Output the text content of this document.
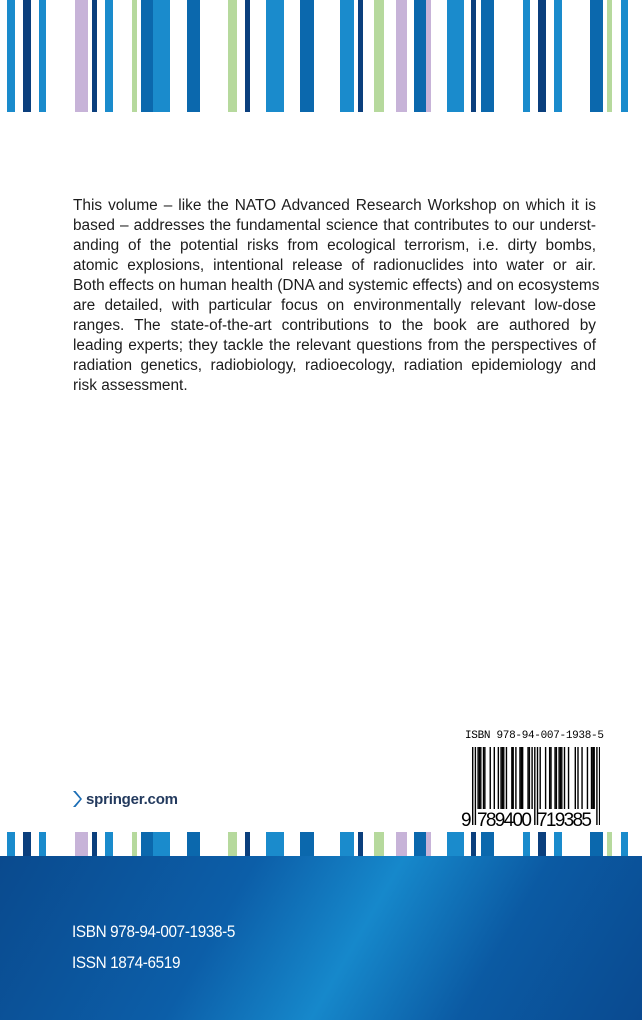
This volume – like the NATO Advanced Research Workshop on which it is
based – addresses the fundamental science that contributes to our underst-
anding of the potential risks from ecological terrorism, i.e. dirty bombs,
atomic explosions, intentional release of radionuclides into water or air.
Both effects on human health (DNA and systemic effects) and on ecosystems
are detailed, with particular focus on environmentally relevant low-dose
ranges. The state-of-the-art contributions to the book are authored by
leading experts; they tackle the relevant questions from the perspectives of
radiation genetics, radiobiology, radioecology, radiation epidemiology and
risk assessment.
springer.com
ISBN 978-94-007-1938-5
9 789400 719385
ISBN 978-94-007-1938-5
ISSN 1874-6519
